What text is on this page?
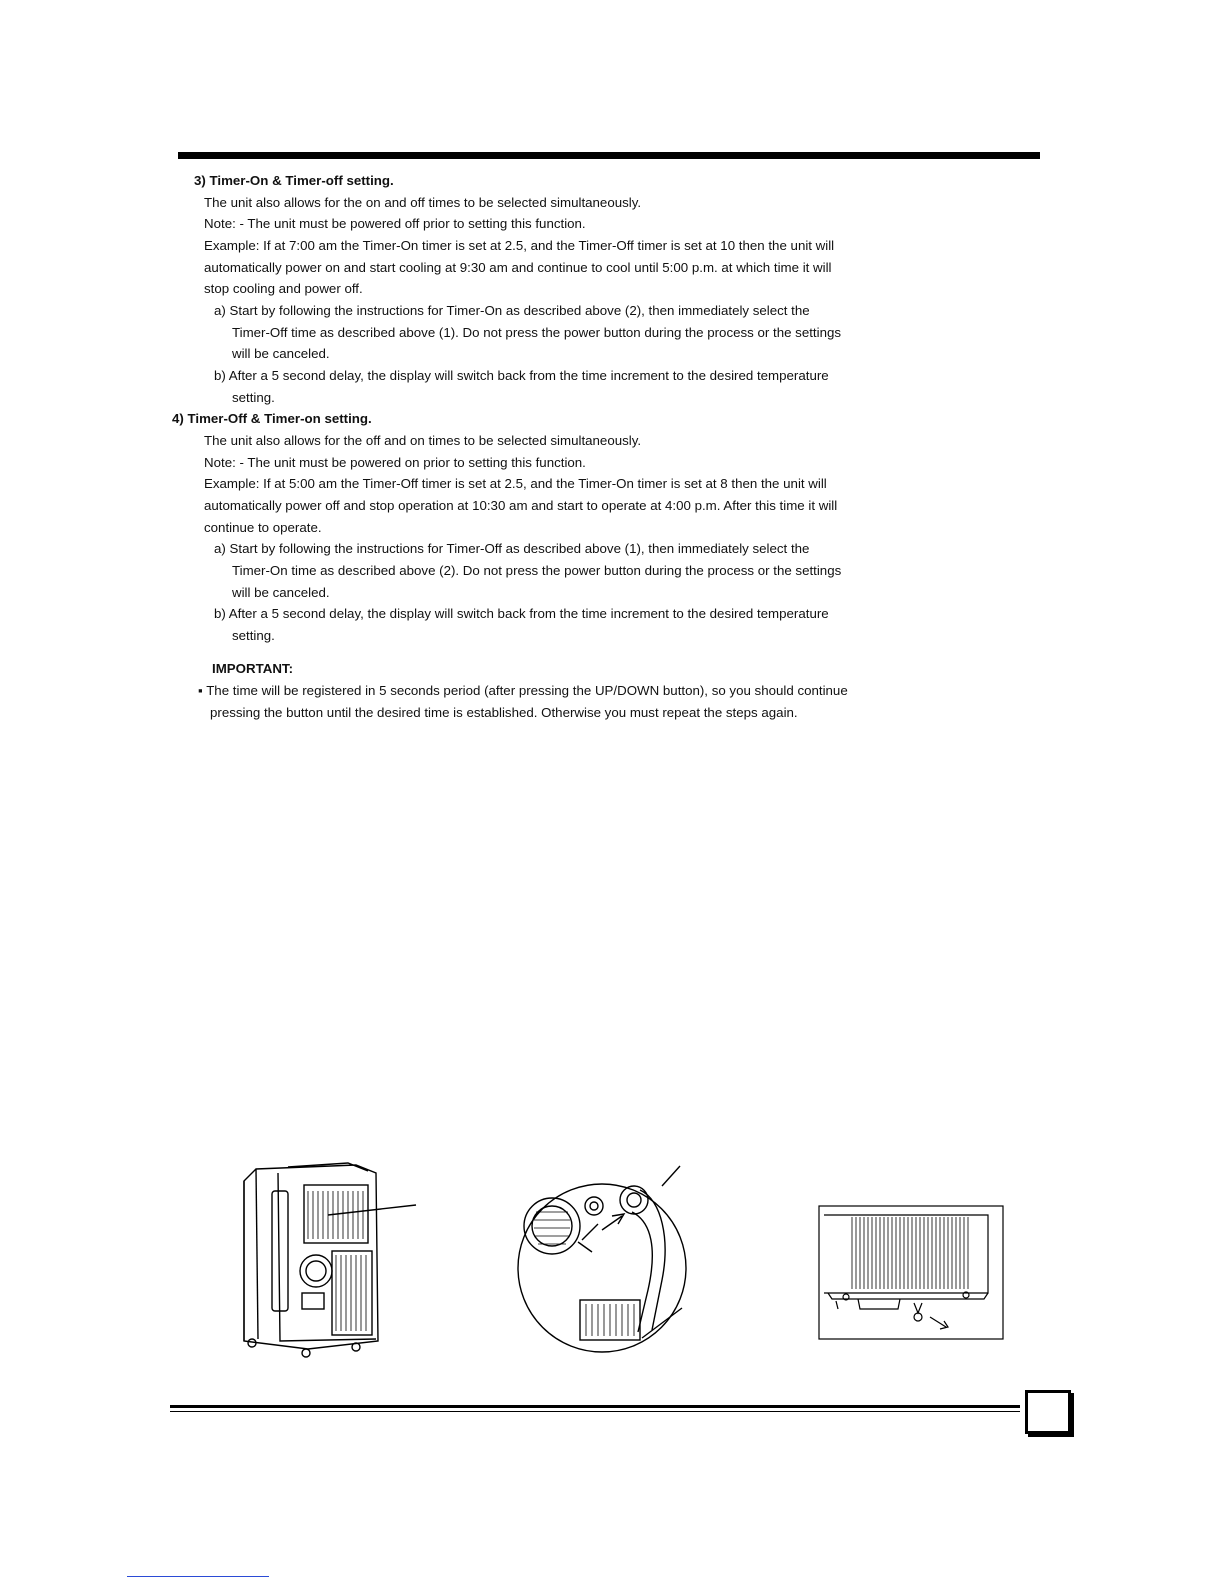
3) Timer-On & Timer-off setting.
The unit also allows for the on and off times to be selected simultaneously.
Note: - The unit must be powered off prior to setting this function.
Example: If at 7:00 am the Timer-On timer is set at 2.5, and the Timer-Off timer is set at 10 then the unit will
automatically power on and start cooling at 9:30 am and continue to cool until 5:00 p.m. at which time it will
stop cooling and power off.
a) Start by following the instructions for Timer-On as described above (2), then immediately select the
Timer-Off time as described above (1). Do not press the power button during the process or the settings
will be canceled.
b) After a 5 second delay, the display will switch back from the time increment to the desired temperature
setting.
4) Timer-Off & Timer-on setting.
The unit also allows for the off and on times to be selected simultaneously.
Note: - The unit must be powered on prior to setting this function.
Example: If at 5:00 am the Timer-Off timer is set at 2.5, and the Timer-On timer is set at 8 then the unit will
automatically power off and stop operation at 10:30 am and start to operate at 4:00 p.m. After this time it will
continue to operate.
a) Start by following the instructions for Timer-Off as described above (1), then immediately select the
Timer-On time as described above (2). Do not press the power button during the process or the settings
will be canceled.
b) After a 5 second delay, the display will switch back from the time increment to the desired temperature
setting.
IMPORTANT:
▪ The time will be registered in 5 seconds period (after pressing the UP/DOWN button), so you should continue
pressing the button until the desired time is established. Otherwise you must repeat the steps again.
